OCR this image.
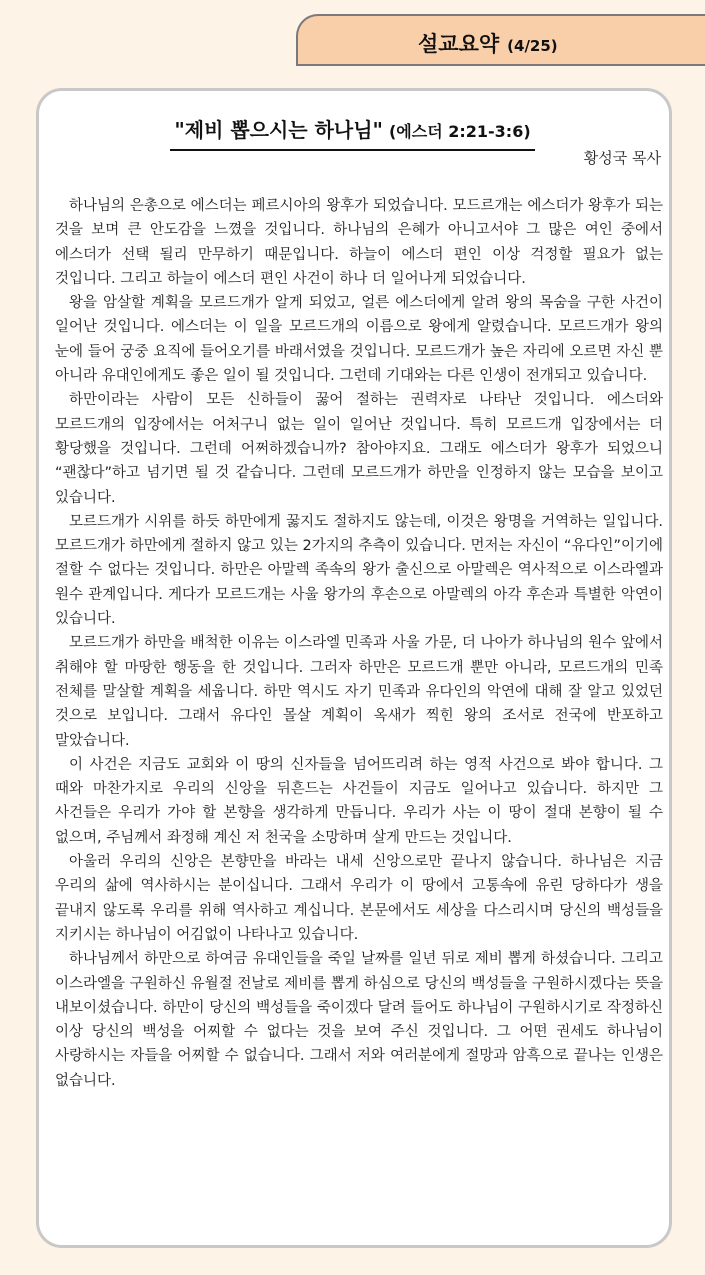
설교요약 (4/25)
"제비 뽑으시는 하나님" (에스더 2:21-3:6)
황성국 목사

하나님의 은총으로 에스더는 페르시아의 왕후가 되었습니다. 모드르개는 에스더가 왕후가 되는 것을 보며 큰 안도감을 느꼈을 것입니다. 하나님의 은혜가 아니고서야 그 많은 여인 중에서 에스더가 선택 될리 만무하기 때문입니다. 하늘이 에스더 편인 이상 걱정할 필요가 없는 것입니다. 그리고 하늘이 에스더 편인 사건이 하나 더 일어나게 되었습니다.

왕을 암살할 계획을 모르드개가 알게 되었고, 얼른 에스더에게 알려 왕의 목숨을 구한 사건이 일어난 것입니다. 에스더는 이 일을 모르드개의 이름으로 왕에게 알렸습니다. 모르드개가 왕의 눈에 들어 궁중 요직에 들어오기를 바래서였을 것입니다. 모르드개가 높은 자리에 오르면 자신 뿐 아니라 유대인에게도 좋은 일이 될 것입니다. 그런데 기대와는 다른 인생이 전개되고 있습니다.

하만이라는 사람이 모든 신하들이 꿇어 절하는 권력자로 나타난 것입니다. 에스더와 모르드개의 입장에서는 어처구니 없는 일이 일어난 것입니다. 특히 모르드개 입장에서는 더 황당했을 것입니다. 그런데 어쩌하겠습니까? 참아야지요. 그래도 에스더가 왕후가 되었으니 “괜찮다”하고 넘기면 될 것 같습니다. 그런데 모르드개가 하만을 인정하지 않는 모습을 보이고 있습니다.

모르드개가 시위를 하듯 하만에게 꿇지도 절하지도 않는데, 이것은 왕명을 거역하는 일입니다. 모르드개가 하만에게 절하지 않고 있는 2가지의 추측이 있습니다. 먼저는 자신이 “유다인”이기에 절할 수 없다는 것입니다. 하만은 아말렉 족속의 왕가 출신으로 아말렉은 역사적으로 이스라엘과 원수 관계입니다. 게다가 모르드개는 사울 왕가의 후손으로 아말렉의 아각 후손과 특별한 악연이 있습니다.

모르드개가 하만을 배척한 이유는 이스라엘 민족과 사울 가문, 더 나아가 하나님의 원수 앞에서 취해야 할 마땅한 행동을 한 것입니다. 그러자 하만은 모르드개 뿐만 아니라, 모르드개의 민족 전체를 말살할 계획을 세웁니다. 하만 역시도 자기 민족과 유다인의 악연에 대해 잘 알고 있었던 것으로 보입니다. 그래서 유다인 몰살 계획이 옥새가 찍힌 왕의 조서로 전국에 반포하고 말았습니다.

이 사건은 지금도 교회와 이 땅의 신자들을 넘어뜨리려 하는 영적 사건으로 봐야 합니다. 그 때와 마찬가지로 우리의 신앙을 뒤흔드는 사건들이 지금도 일어나고 있습니다. 하지만 그 사건들은 우리가 가야 할 본향을 생각하게 만듭니다. 우리가 사는 이 땅이 절대 본향이 될 수 없으며, 주님께서 좌정해 계신 저 천국을 소망하며 살게 만드는 것입니다.

아울러 우리의 신앙은 본향만을 바라는 내세 신앙으로만 끝나지 않습니다. 하나님은 지금 우리의 삶에 역사하시는 분이십니다. 그래서 우리가 이 땅에서 고통속에 유린 당하다가 생을 끝내지 않도록 우리를 위해 역사하고 계십니다. 본문에서도 세상을 다스리시며 당신의 백성들을 지키시는 하나님이 어김없이 나타나고 있습니다.

하나님께서 하만으로 하여금 유대인들을 죽일 날짜를 일년 뒤로 제비 뽑게 하셨습니다. 그리고 이스라엘을 구원하신 유월절 전날로 제비를 뽑게 하심으로 당신의 백성들을 구원하시겠다는 뜻을 내보이셨습니다. 하만이 당신의 백성들을 죽이겠다 달려 들어도 하나님이 구원하시기로 작정하신 이상 당신의 백성을 어찌할 수 없다는 것을 보여 주신 것입니다. 그 어떤 권세도 하나님이 사랑하시는 자들을 어찌할 수 없습니다. 그래서 저와 여러분에게 절망과 암흑으로 끝나는 인생은 없습니다.
